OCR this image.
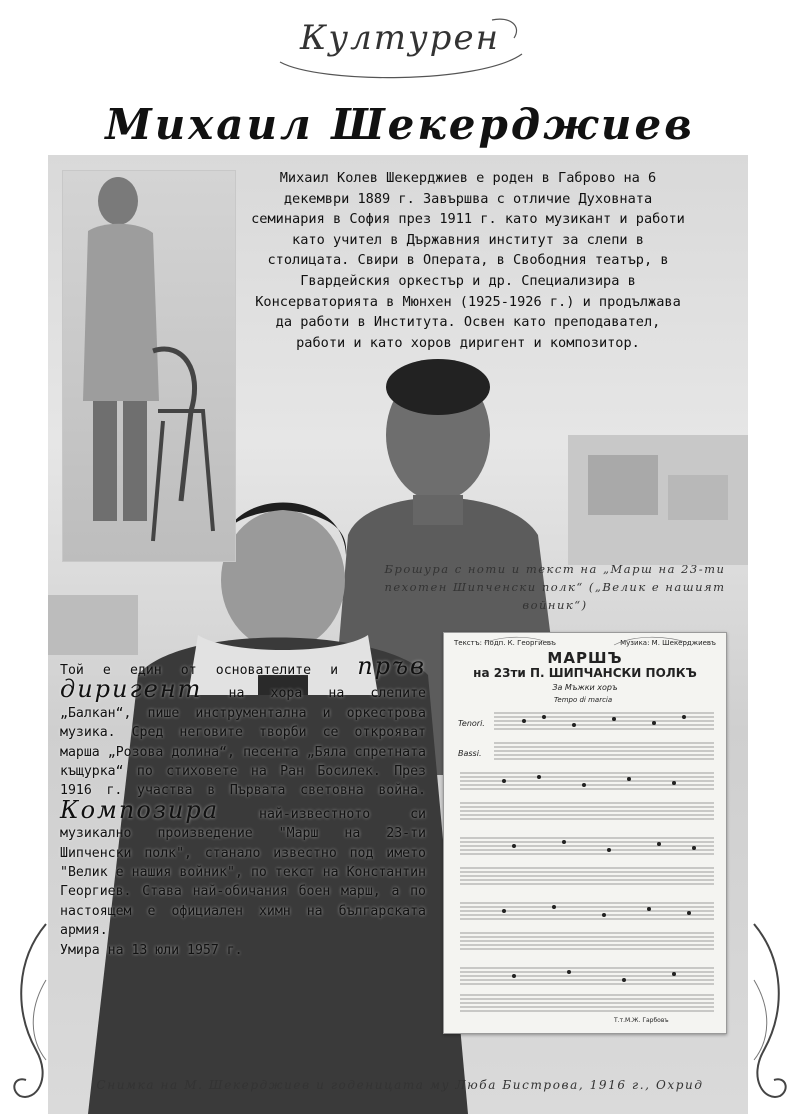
Културен
Михаил Шекерджиев
Михаил Колев Шекерджиев е роден в Габрово на 6 декември 1889 г. Завършва с отличие Духовната семинария в София през 1911 г. като музикант и работи като учител в Държавния институт за слепи в столицата. Свири в Операта, в Свободния театър, в Гвардейския оркестър и др. Специализира в Консерваторията в Мюнхен (1925-1926 г.) и продължава да работи в Института. Освен като преподавател, работи и като хоров диригент и композитор.
Брошура с ноти и текст на „Марш на 23-ти пехотен Шипченски полк“ („Велик е нашият войник“)
Текстъ: Подп. К. Георгиевъ	Музика: М. Шекерджиевъ
МАРШЪ
на 23ти П. ШИПЧАНСКИ ПОЛКЪ
За Мъжки хоръ
Tempo di marcia
Tenori.
Bassi.
Т.т.М.Ж. Гарбовъ
Той е един от основателите и пръв диригент на хора на слепите „Балкан“, пише инструментална и оркестрова музика. Сред неговите творби се открояват марша „Розова долина“, песента „Бяла спретната къщурка“ по стиховете на Ран Босилек. През 1916 г. участва в Първата световна война. Композира най-известното си музикално произведение "Марш на 23-ти Шипченски полк", станало известно под името "Велик е нашия войник", по текст на Константин Георгиев. Става най-обичания боен марш, а по настоящем е официален химн на българската армия.
Умира на 13 юли 1957 г.
Снимка на М. Шекерджиев и годеницата му Люба Бистрова, 1916 г., Охрид
